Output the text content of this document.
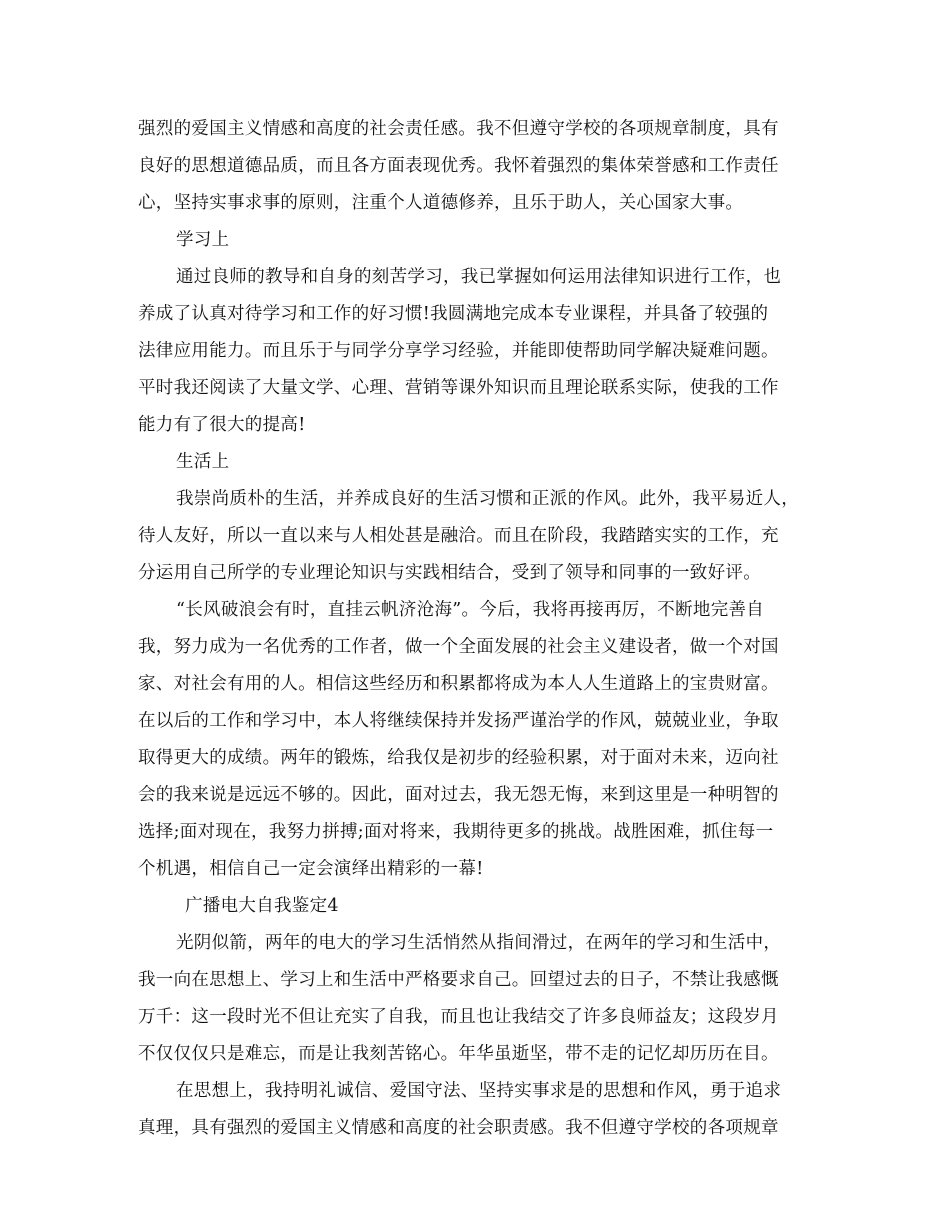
强烈的爱国主义情感和高度的社会责任感。我不但遵守学校的各项规章制度，具有
良好的思想道德品质，而且各方面表现优秀。我怀着强烈的集体荣誉感和工作责任
心，坚持实事求事的原则，注重个人道德修养，且乐于助人，关心国家大事。
学习上
通过良师的教导和自身的刻苦学习，我已掌握如何运用法律知识进行工作，也
养成了认真对待学习和工作的好习惯!我圆满地完成本专业课程，并具备了较强的
法律应用能力。而且乐于与同学分享学习经验，并能即使帮助同学解决疑难问题。
平时我还阅读了大量文学、心理、营销等课外知识而且理论联系实际，使我的工作
能力有了很大的提高!
生活上
我崇尚质朴的生活，并养成良好的生活习惯和正派的作风。此外，我平易近人，
待人友好，所以一直以来与人相处甚是融洽。而且在阶段，我踏踏实实的工作，充
分运用自己所学的专业理论知识与实践相结合，受到了领导和同事的一致好评。
“长风破浪会有时，直挂云帆济沧海”。今后，我将再接再厉，不断地完善自
我，努力成为一名优秀的工作者，做一个全面发展的社会主义建设者，做一个对国
家、对社会有用的人。相信这些经历和积累都将成为本人人生道路上的宝贵财富。
在以后的工作和学习中，本人将继续保持并发扬严谨治学的作风，兢兢业业，争取
取得更大的成绩。两年的锻炼，给我仅是初步的经验积累，对于面对未来，迈向社
会的我来说是远远不够的。因此，面对过去，我无怨无悔，来到这里是一种明智的
选择;面对现在，我努力拼搏;面对将来，我期待更多的挑战。战胜困难，抓住每一
个机遇，相信自己一定会演绎出精彩的一幕!
广播电大自我鉴定4
光阴似箭，两年的电大的学习生活悄然从指间滑过，在两年的学习和生活中，
我一向在思想上、学习上和生活中严格要求自己。回望过去的日子，不禁让我感慨
万千：这一段时光不但让充实了自我，而且也让我结交了许多良师益友；这段岁月
不仅仅仅只是难忘，而是让我刻苦铭心。年华虽逝坚，带不走的记忆却历历在目。
在思想上，我持明礼诚信、爱国守法、坚持实事求是的思想和作风，勇于追求
真理，具有强烈的爱国主义情感和高度的社会职责感。我不但遵守学校的各项规章
